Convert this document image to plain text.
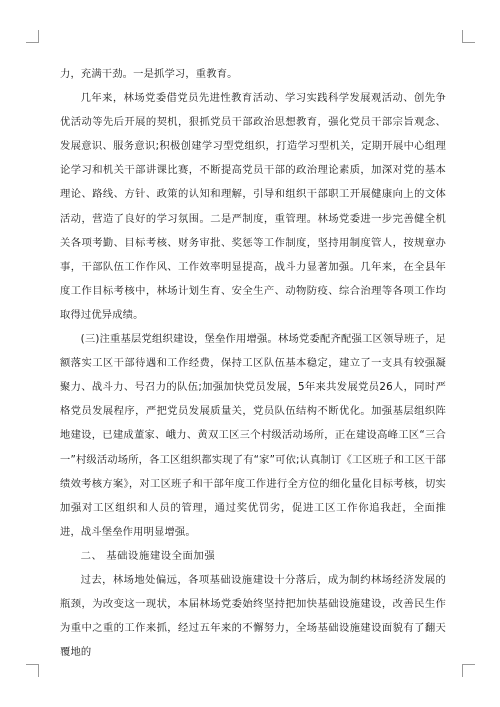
力，充满干劲。一是抓学习，重教育。

几年来，林场党委借党员先进性教育活动、学习实践科学发展观活动、创先争优活动等先后开展的契机，狠抓党员干部政治思想教育，强化党员干部宗旨观念、发展意识、服务意识;积极创建学习型党组织，打造学习型机关，定期开展中心组理论学习和机关干部讲课比赛，不断提高党员干部的政治理论素质，加深对党的基本理论、路线、方针、政策的认知和理解，引导和组织干部职工开展健康向上的文体活动，营造了良好的学习氛围。二是严制度，重管理。林场党委进一步完善健全机关各项考勤、目标考核、财务审批、奖惩等工作制度，坚持用制度管人，按规章办事，干部队伍工作作风、工作效率明显提高，战斗力显著加强。几年来，在全县年度工作目标考核中，林场计划生育、安全生产、动物防疫、综合治理等各项工作均取得过优异成绩。

(三)注重基层党组织建设，堡垒作用增强。林场党委配齐配强工区领导班子，足额落实工区干部待遇和工作经费，保持工区队伍基本稳定，建立了一支具有较强凝聚力、战斗力、号召力的队伍;加强加快党员发展，5年来共发展党员26人，同时严格党员发展程序，严把党员发展质量关，党员队伍结构不断优化。加强基层组织阵地建设，已建成董家、峨力、黄双工区三个村级活动场所，正在建设高峰工区“三合一”村级活动场所，各工区组织都实现了有“家”可依;认真制订《工区班子和工区干部绩效考核方案》，对工区班子和干部年度工作进行全方位的细化量化目标考核，切实加强对工区组织和人员的管理，通过奖优罚劣，促进工区工作你追我赶，全面推进，战斗堡垒作用明显增强。

二、 基础设施建设全面加强

过去，林场地处偏远，各项基础设施建设十分落后，成为制约林场经济发展的瓶颈，为改变这一现状，本届林场党委始终坚持把加快基础设施建设，改善民生作为重中之重的工作来抓，经过五年来的不懈努力，全场基础设施建设面貌有了翻天覆地的
